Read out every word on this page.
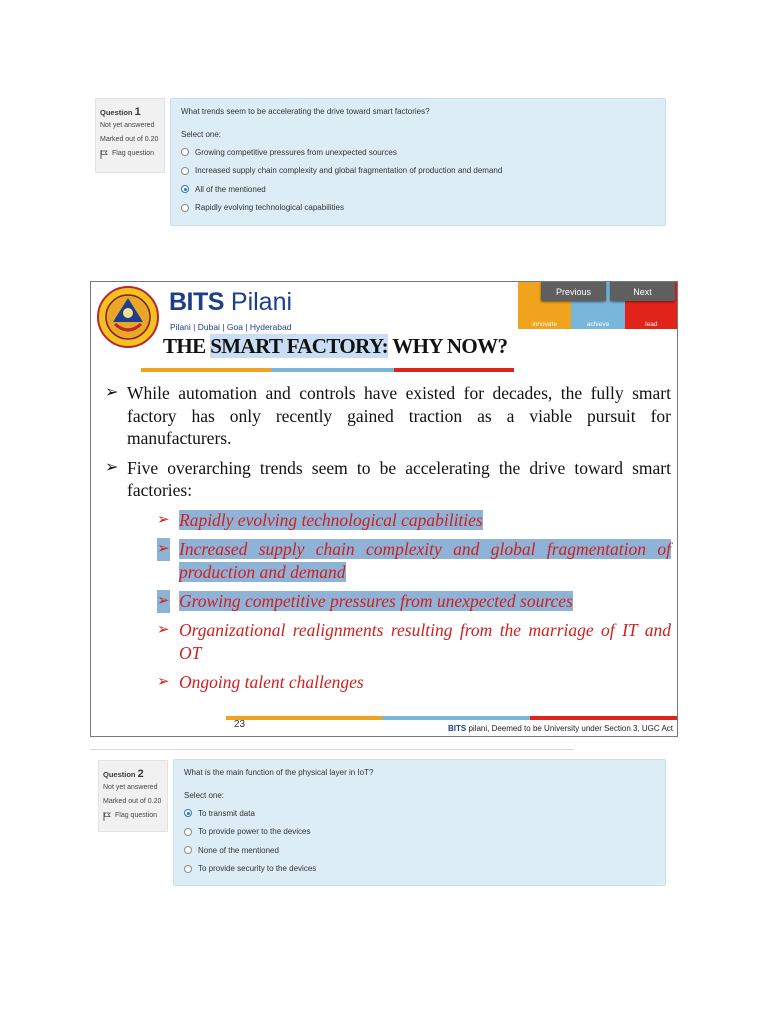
Question 1
Not yet answered
Marked out of 0.20
Flag question
What trends seem to be accelerating the drive toward smart factories?
Select one:
Growing competitive pressures from unexpected sources
Increased supply chain complexity and global fragmentation of production and demand
All of the mentioned
Rapidly evolving technological capabilities
BITS Pilani
Pilani | Dubai | Goa | Hyderabad	innovate	achieve	lead
Previous	Next
THE SMART FACTORY: WHY NOW?
➢ While automation and controls have existed for decades, the fully smart factory has only recently gained traction as a viable pursuit for manufacturers.
➢ Five overarching trends seem to be accelerating the drive toward smart factories:
➢ Rapidly evolving technological capabilities
➢ Increased supply chain complexity and global fragmentation of production and demand
➢ Growing competitive pressures from unexpected sources
➢ Organizational realignments resulting from the marriage of IT and OT
➢ Ongoing talent challenges
23	BITS pilani, Deemed to be University under Section 3, UGC Act
Question 2
Not yet answered
Marked out of 0.20
Flag question
What is the main function of the physical layer in IoT?
Select one:
To transmit data
To provide power to the devices
None of the mentioned
To provide security to the devices
